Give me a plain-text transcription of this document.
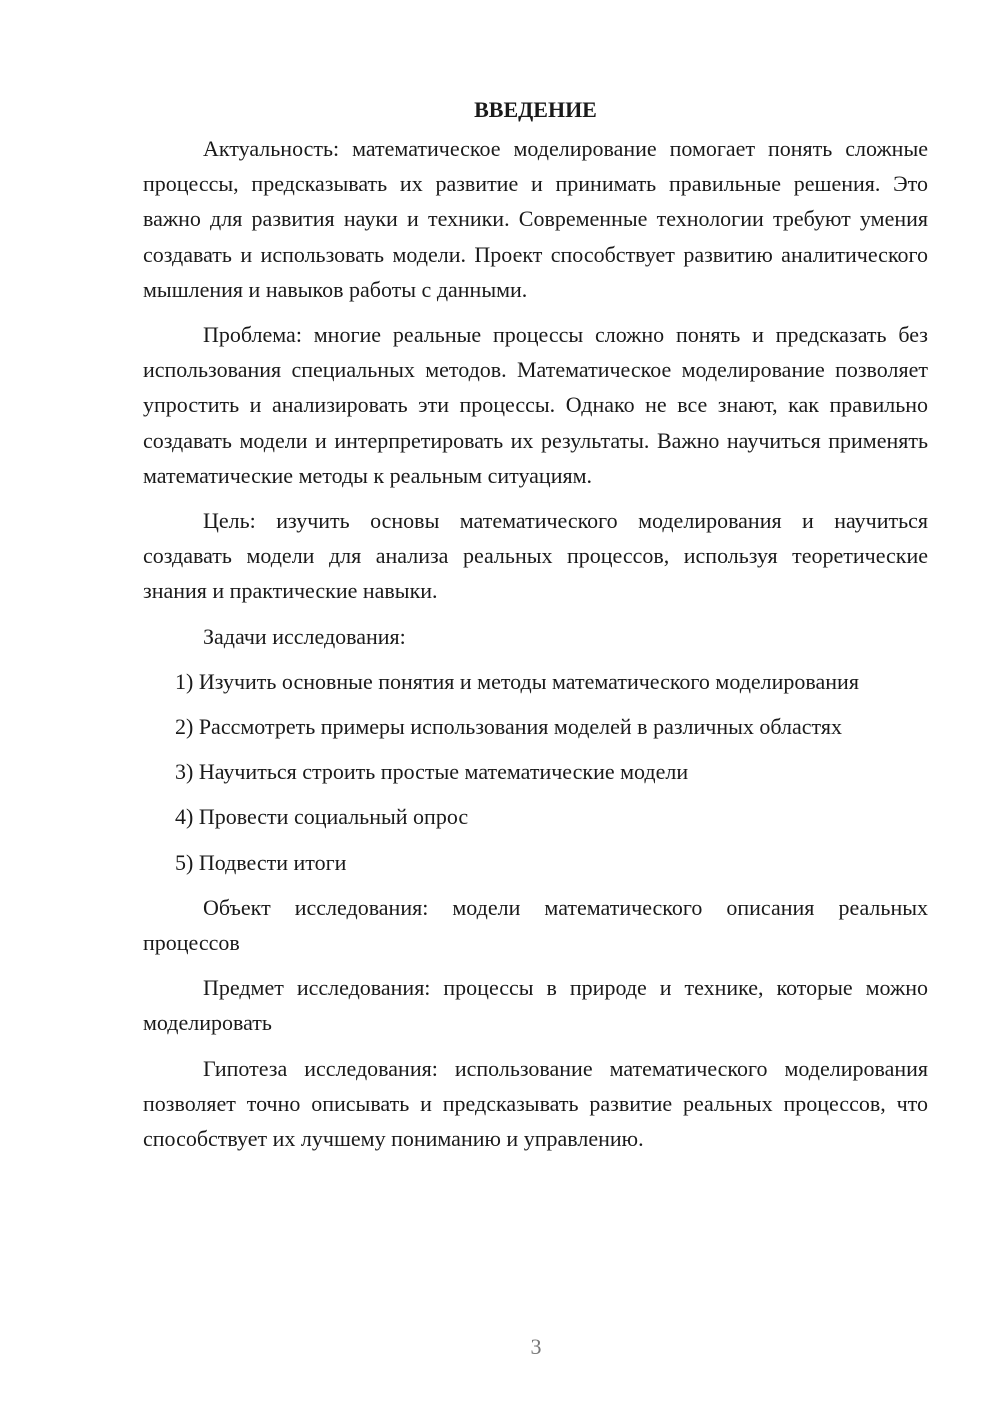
ВВЕДЕНИЕ

Актуальность: математическое моделирование помогает понять сложные процессы, предсказывать их развитие и принимать правильные решения. Это важно для развития науки и техники. Современные технологии требуют умения создавать и использовать модели. Проект способствует развитию аналитического мышления и навыков работы с данными.

Проблема: многие реальные процессы сложно понять и предсказать без использования специальных методов. Математическое моделирование позволяет упростить и анализировать эти процессы. Однако не все знают, как правильно создавать модели и интерпретировать их результаты. Важно научиться применять математические методы к реальным ситуациям.

Цель: изучить основы математического моделирования и научиться создавать модели для анализа реальных процессов, используя теоретические знания и практические навыки.

Задачи исследования:

1) Изучить основные понятия и методы математического моделирования

2) Рассмотреть примеры использования моделей в различных областях

3) Научиться строить простые математические модели

4) Провести социальный опрос

5) Подвести итоги

Объект исследования: модели математического описания реальных процессов

Предмет исследования: процессы в природе и технике, которые можно моделировать

Гипотеза исследования: использование математического моделирования позволяет точно описывать и предсказывать развитие реальных процессов, что способствует их лучшему пониманию и управлению.

3
